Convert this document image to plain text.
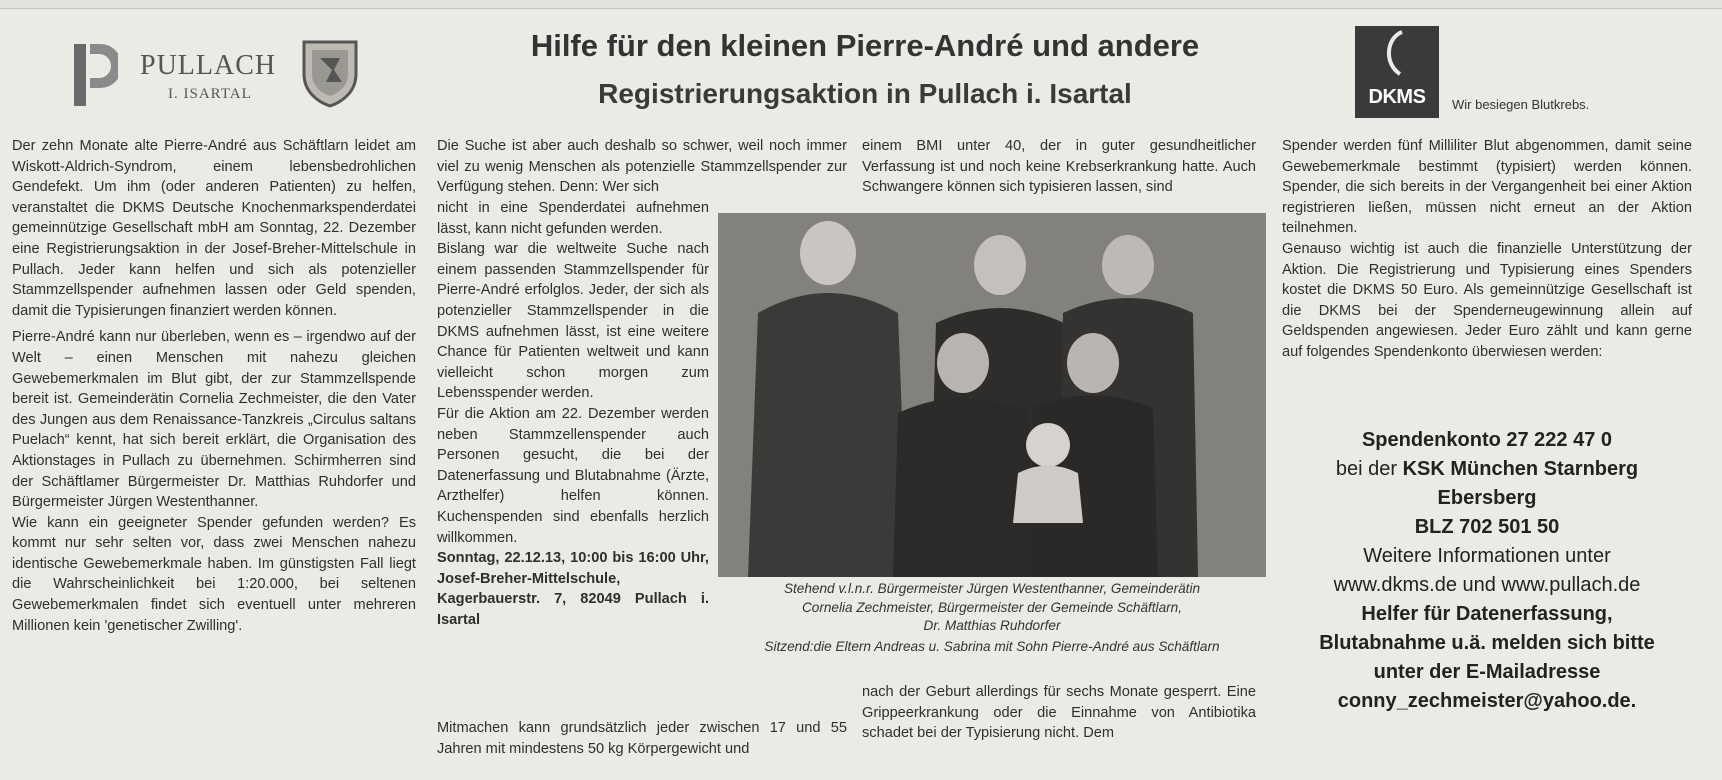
PULLACH
I. ISARTAL
Hilfe für den kleinen Pierre-André und andere
Registrierungsaktion in Pullach i. Isartal	DKMS	Wir besiegen Blutkrebs.

Der zehn Monate alte Pierre-André aus Schäftlarn leidet am Wiskott-Aldrich-Syndrom, einem lebensbedrohlichen Gendefekt. Um ihm (oder anderen Patienten) zu helfen, veranstaltet die DKMS Deutsche Knochenmarkspenderdatei gemeinnützige Gesellschaft mbH am Sonntag, 22. Dezember eine Registrierungsaktion in der Josef-Breher-Mittelschule in Pullach. Jeder kann helfen und sich als potenzieller Stammzellspender aufnehmen lassen oder Geld spenden, damit die Typisierungen finanziert werden können.

Pierre-André kann nur überleben, wenn es – irgendwo auf der Welt – einen Menschen mit nahezu gleichen Gewebemerkmalen im Blut gibt, der zur Stammzellspende bereit ist. Gemeinderätin Cornelia Zechmeister, die den Vater des Jungen aus dem Renaissance-Tanzkreis „Circulus saltans Puelach“ kennt, hat sich bereit erklärt, die Organisation des Aktionstages in Pullach zu übernehmen. Schirmherren sind der Schäftlamer Bürgermeister Dr. Matthias Ruhdorfer und Bürgermeister Jürgen Westenthanner.

Wie kann ein geeigneter Spender gefunden werden? Es kommt nur sehr selten vor, dass zwei Menschen nahezu identische Gewebemerkmale haben. Im günstigsten Fall liegt die Wahrscheinlichkeit bei 1:20.000, bei seltenen Gewebemerkmalen findet sich eventuell unter mehreren Millionen kein 'genetischer Zwilling'.

Die Suche ist aber auch deshalb so schwer, weil noch immer viel zu wenig Menschen als potenzielle Stammzellspender zur Verfügung stehen. Denn: Wer sich

nicht in eine Spenderdatei aufnehmen lässt, kann nicht gefunden werden.

Bislang war die weltweite Suche nach einem passenden Stammzellspender für Pierre-André erfolglos. Jeder, der sich als potenzieller Stammzellspender in die DKMS aufnehmen lässt, ist eine weitere Chance für Patienten weltweit und kann vielleicht schon morgen zum Lebensspender werden.

Für die Aktion am 22. Dezember werden neben Stammzellenspender auch Personen gesucht, die bei der Datenerfassung und Blutabnahme (Ärzte, Arzthelfer) helfen können. Kuchenspenden sind ebenfalls herzlich willkommen.

Sonntag, 22.12.13, 10:00 bis 16:00 Uhr, Josef-Breher-Mittelschule, Kagerbauerstr. 7, 82049 Pullach i. Isartal

Mitmachen kann grundsätzlich jeder zwischen 17 und 55 Jahren mit mindestens 50 kg Körpergewicht und

einem BMI unter 40, der in guter gesundheitlicher Verfassung ist und noch keine Krebserkrankung hatte. Auch Schwangere können sich typisieren lassen, sind

nach der Geburt allerdings für sechs Monate gesperrt. Eine Grippeerkrankung oder die Einnahme von Antibiotika schadet bei der Typisierung nicht. Dem

Stehend v.l.n.r. Bürgermeister Jürgen Westenthanner, Gemeinderätin
Cornelia Zechmeister, Bürgermeister der Gemeinde Schäftlarn,
Dr. Matthias Ruhdorfer
Sitzend:die Eltern Andreas u. Sabrina mit Sohn Pierre-André aus Schäftlarn

Spender werden fünf Milliliter Blut abgenommen, damit seine Gewebemerkmale bestimmt (typisiert) werden können. Spender, die sich bereits in der Vergangenheit bei einer Aktion registrieren ließen, müssen nicht erneut an der Aktion teilnehmen.

Genauso wichtig ist auch die finanzielle Unterstützung der Aktion. Die Registrierung und Typisierung eines Spenders kostet die DKMS 50 Euro. Als gemeinnützige Gesellschaft ist die DKMS bei der Spenderneugewinnung allein auf Geldspenden angewiesen. Jeder Euro zählt und kann gerne auf folgendes Spendenkonto überwiesen werden:

Spendenkonto 27 222 47 0
bei der KSK München Starnberg
Ebersberg
BLZ 702 501 50
Weitere Informationen unter
www.dkms.de und www.pullach.de
Helfer für Datenerfassung,
Blutabnahme u.ä. melden sich bitte
unter der E-Mailadresse
conny_zechmeister@yahoo.de.
